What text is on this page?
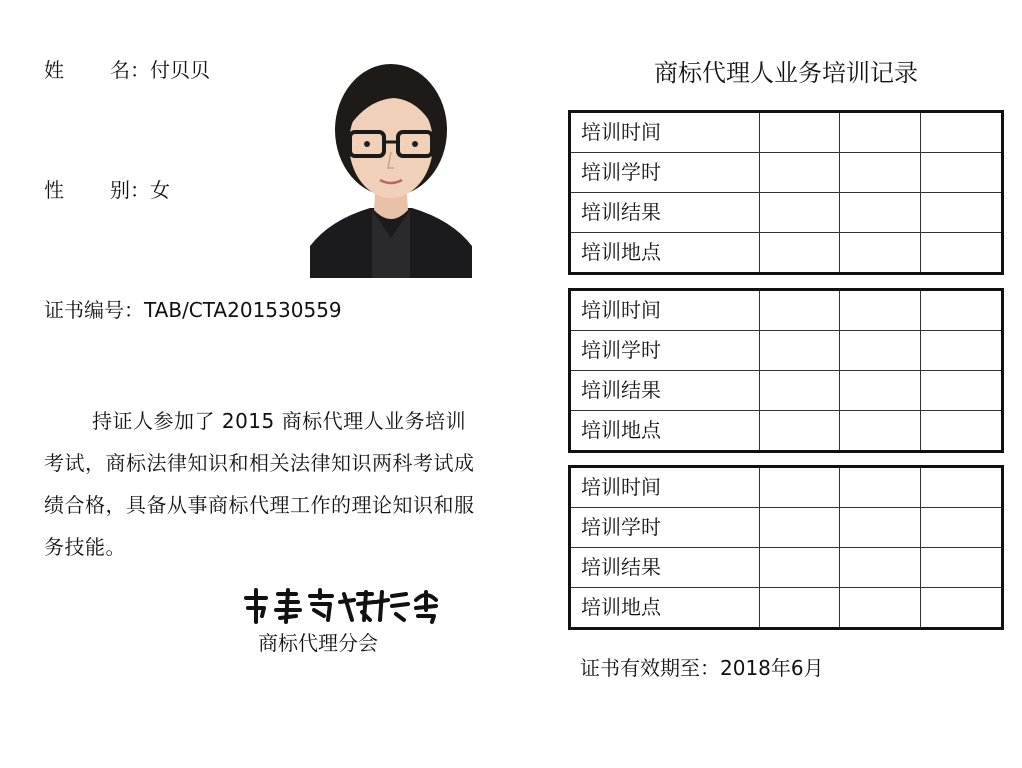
姓 名：付贝贝
性 别：女
证书编号：TAB/CTA201530559
持证人参加了 2015 商标代理人业务培训考试，商标法律知识和相关法律知识两科考试成绩合格，具备从事商标代理工作的理论知识和服务技能。
商标代理分会
商标代理人业务培训记录
培训时间			
培训学时			
培训结果			
培训地点			
培训时间			
培训学时			
培训结果			
培训地点			
培训时间			
培训学时			
培训结果			
培训地点			
证书有效期至：2018年6月
